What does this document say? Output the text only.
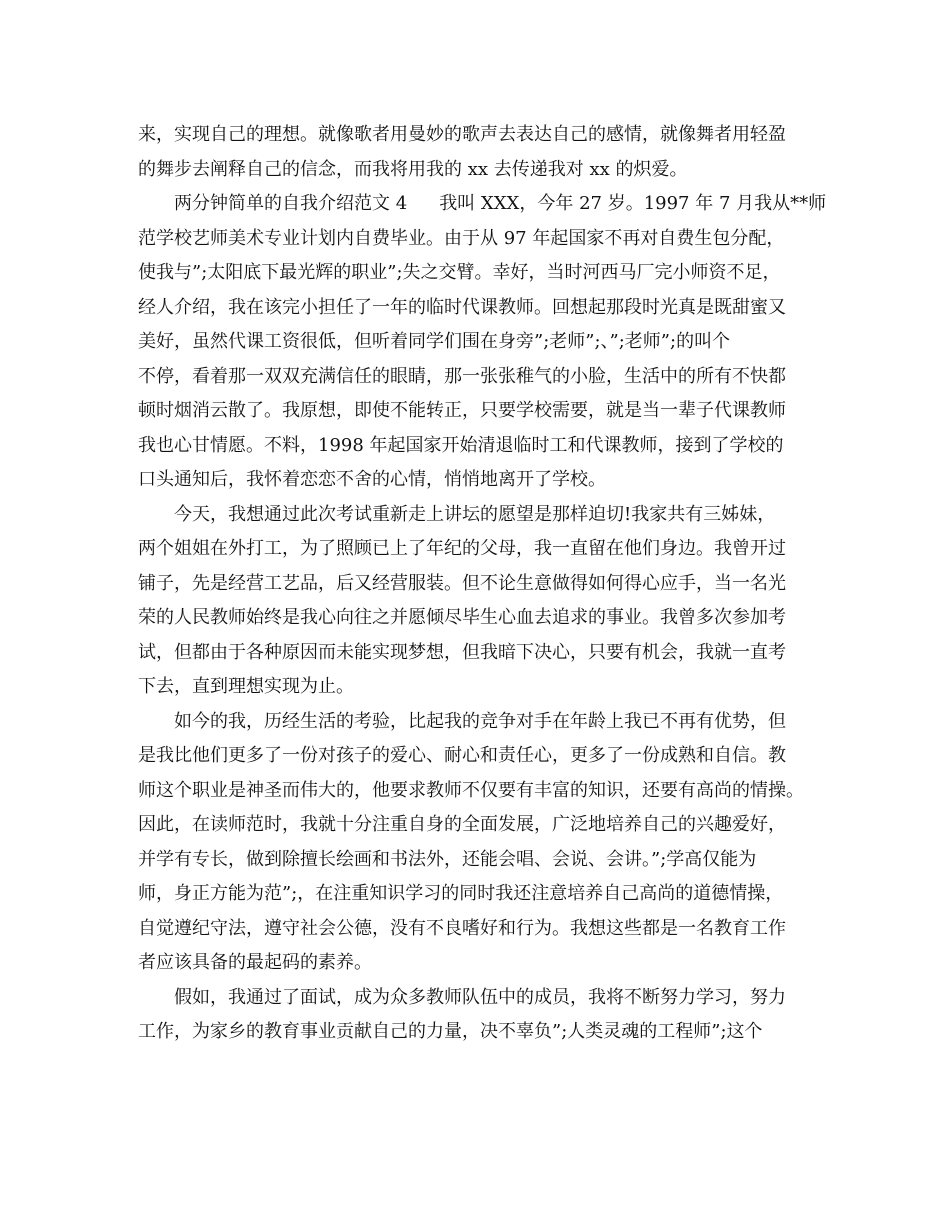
来，实现自己的理想。就像歌者用曼妙的歌声去表达自己的感情，就像舞者用轻盈

的舞步去阐释自己的信念，而我将用我的 xx 去传递我对 xx 的炽爱。

两分钟简单的自我介绍范文 4 我叫 XXX，今年 27 岁。1997 年 7 月我从**师

范学校艺师美术专业计划内自费毕业。由于从 97 年起国家不再对自费生包分配，

使我与”;太阳底下最光辉的职业”;失之交臂。幸好，当时河西马厂完小师资不足，

经人介绍，我在该完小担任了一年的临时代课教师。回想起那段时光真是既甜蜜又

美好，虽然代课工资很低，但听着同学们围在身旁”;老师”;、”;老师”;的叫个

不停，看着那一双双充满信任的眼睛，那一张张稚气的小脸，生活中的所有不快都

顿时烟消云散了。我原想，即使不能转正，只要学校需要，就是当一辈子代课教师

我也心甘情愿。不料，1998 年起国家开始清退临时工和代课教师，接到了学校的

口头通知后，我怀着恋恋不舍的心情，悄悄地离开了学校。

今天，我想通过此次考试重新走上讲坛的愿望是那样迫切!我家共有三姊妹，

两个姐姐在外打工，为了照顾已上了年纪的父母，我一直留在他们身边。我曾开过

铺子，先是经营工艺品，后又经营服装。但不论生意做得如何得心应手，当一名光

荣的人民教师始终是我心向往之并愿倾尽毕生心血去追求的事业。我曾多次参加考

试，但都由于各种原因而未能实现梦想，但我暗下决心，只要有机会，我就一直考

下去，直到理想实现为止。

如今的我，历经生活的考验，比起我的竞争对手在年龄上我已不再有优势，但

是我比他们更多了一份对孩子的爱心、耐心和责任心，更多了一份成熟和自信。教

师这个职业是神圣而伟大的，他要求教师不仅要有丰富的知识，还要有高尚的情操。

因此，在读师范时，我就十分注重自身的全面发展，广泛地培养自己的兴趣爱好，

并学有专长，做到除擅长绘画和书法外，还能会唱、会说、会讲。”;学高仅能为

师，身正方能为范”;，在注重知识学习的同时我还注意培养自己高尚的道德情操，

自觉遵纪守法，遵守社会公德，没有不良嗜好和行为。我想这些都是一名教育工作

者应该具备的最起码的素养。

假如，我通过了面试，成为众多教师队伍中的成员，我将不断努力学习，努力

工作，为家乡的教育事业贡献自己的力量，决不辜负”;人类灵魂的工程师”;这个
